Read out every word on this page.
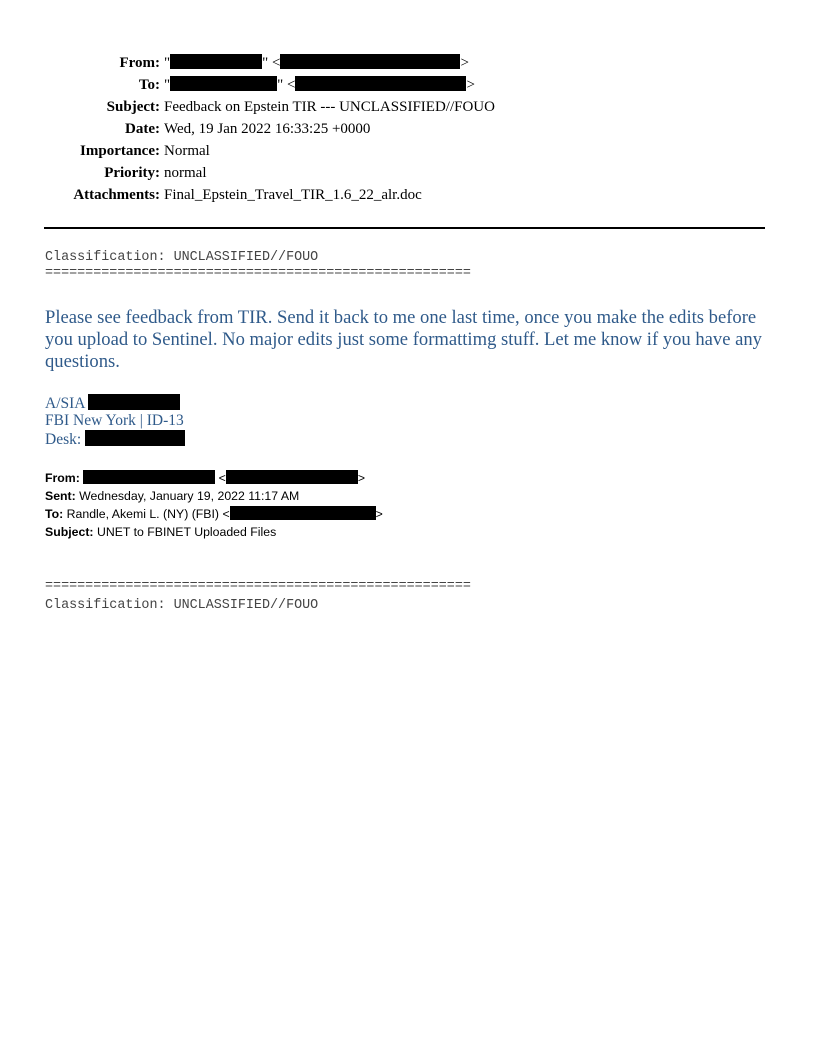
From: "	" <	>
To: "	" <	>
Subject: Feedback on Epstein TIR --- UNCLASSIFIED//FOUO
Date: Wed, 19 Jan 2022 16:33:25 +0000
Importance: Normal
Priority: normal
Attachments: Final_Epstein_Travel_TIR_1.6_22_alr.doc
Classification: UNCLASSIFIED//FOUO
=====================================================
Please see feedback from TIR. Send it back to me one last time, once you make the edits before you upload to Sentinel. No major edits just some formattimg stuff. Let me know if you have any questions.
A/SIA
FBI New York | ID-13
Desk:
From:	<	>
Sent: Wednesday, January 19, 2022 11:17 AM
To: Randle, Akemi L. (NY) (FBI) <	>
Subject: UNET to FBINET Uploaded Files
=====================================================
Classification: UNCLASSIFIED//FOUO
